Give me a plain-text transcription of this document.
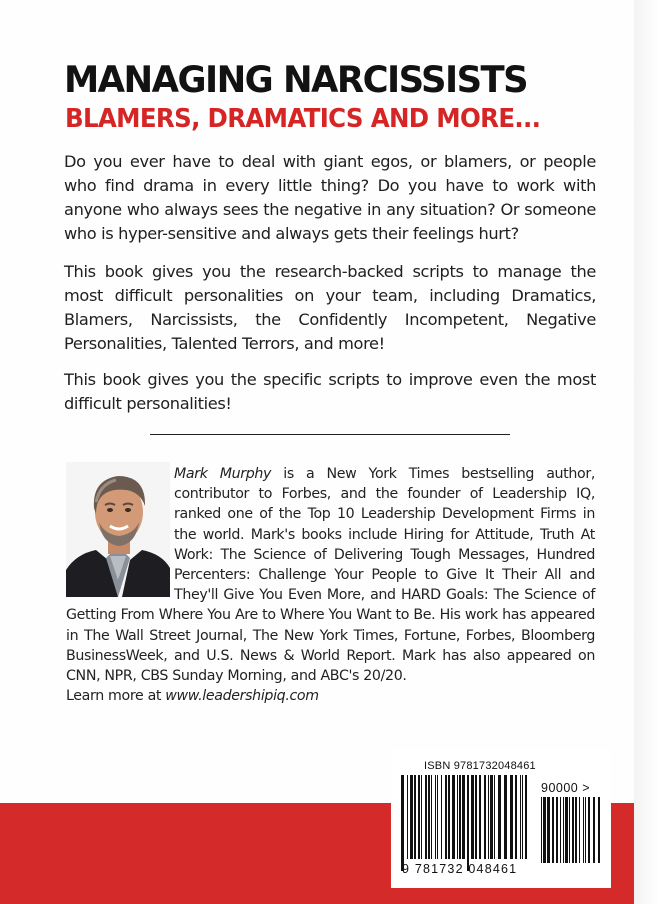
MANAGING NARCISSISTS
BLAMERS, DRAMATICS AND MORE...

Do you ever have to deal with giant egos, or blamers, or people who find drama in every little thing? Do you have to work with anyone who always sees the negative in any situation? Or someone who is hyper-sensitive and always gets their feelings hurt?

This book gives you the research-backed scripts to manage the most difficult personalities on your team, including Dramatics, Blamers, Narcissists, the Confidently Incompetent, Negative Personalities, Talented Terrors, and more!

This book gives you the specific scripts to improve even the most difficult personalities!

Mark Murphy is a New York Times bestselling author, contributor to Forbes, and the founder of Leadership IQ, ranked one of the Top 10 Leadership Development Firms in the world. Mark's books include Hiring for Attitude, Truth At Work: The Science of Delivering Tough Messages, Hundred Percenters: Challenge Your People to Give It Their All and They'll Give You Even More, and HARD Goals: The Science of Getting From Where You Are to Where You Want to Be. His work has appeared in The Wall Street Journal, The New York Times, Fortune, Forbes, Bloomberg BusinessWeek, and U.S. News & World Report. Mark has also appeared on CNN, NPR, CBS Sunday Morning, and ABC's 20/20.

Learn more at www.leadershipiq.com

ISBN 9781732048461
90000 >
9 781732 048461
